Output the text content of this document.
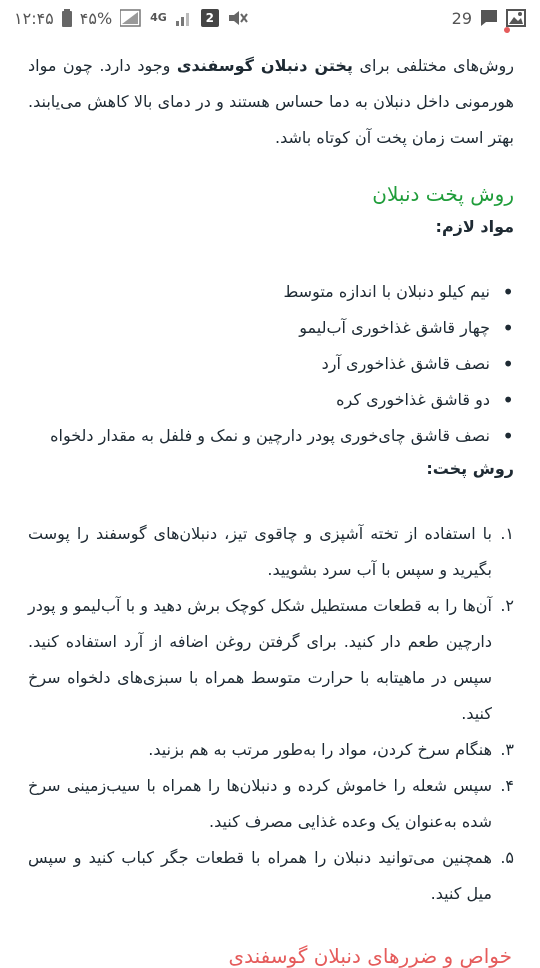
۱۲:۴۵ ۴۵%	4G	2	29

روش‌های مختلفی برای پختن دنبلان گوسفندی وجود دارد. چون مواد هورمونی داخل دنبلان به دما حساس هستند و در دمای بالا کاهش می‌یابند. بهتر است زمان پخت آن کوتاه باشد.

روش پخت دنبلان
مواد لازم:
• نیم کیلو دنبلان با اندازه متوسط
• چهار قاشق غذاخوری آب‌لیمو
• نصف قاشق غذاخوری آرد
• دو قاشق غذاخوری کره
• نصف قاشق چای‌خوری پودر دارچین و نمک و فلفل به مقدار دلخواه
روش پخت:
۱.
با استفاده از تخته آشپزی و چاقوی تیز، دنبلان‌های گوسفند را پوست بگیرید و سپس با آب سرد بشویید.
۲.
آن‌ها را به قطعات مستطیل شکل کوچک برش دهید و با آب‌لیمو و پودر دارچین طعم دار کنید. برای گرفتن روغن اضافه از آرد استفاده کنید. سپس در ماهیتابه با حرارت متوسط همراه با سبزی‌های دلخواه سرخ کنید.
۳.
هنگام سرخ کردن، مواد را به‌طور مرتب به هم بزنید.
۴.
سپس شعله را خاموش کرده و دنبلان‌ها را همراه با سیب‌زمینی سرخ شده به‌عنوان یک وعده غذایی مصرف کنید.
۵.
همچنین می‌توانید دنبلان را همراه با قطعات جگر کباب کنید و سپس میل کنید.
خواص و ضررهای دنبلان گوسفندی
